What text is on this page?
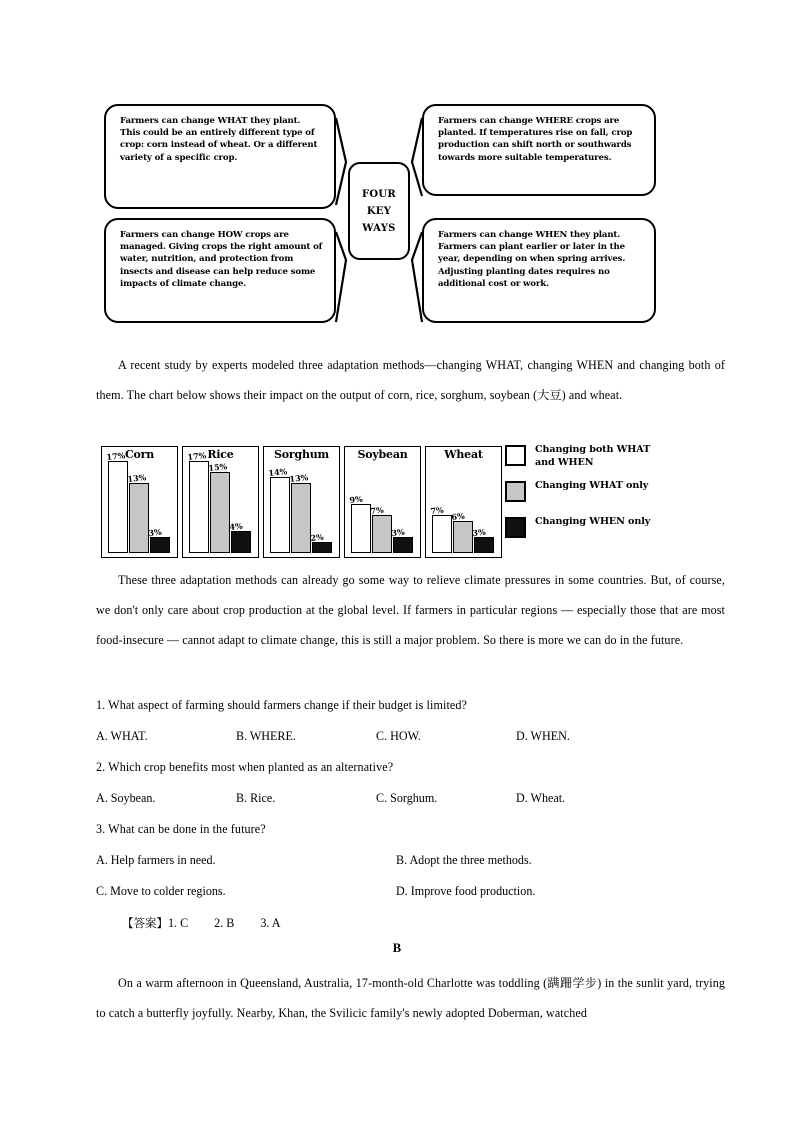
Farmers can change WHAT they plant. This could be an entirely different type of crop: corn instead of wheat. Or a different variety of a specific crop.
Farmers can change WHERE crops are planted. If temperatures rise on fall, crop production can shift north or southwards towards more suitable temperatures.
Farmers can change HOW crops are managed. Giving crops the right amount of water, nutrition, and protection from insects and disease can help reduce some impacts of climate change.
Farmers can change WHEN they plant. Farmers can plant earlier or later in the year, depending on when spring arrives. Adjusting planting dates requires no additional cost or work.
FOUR
KEY
WAYS
A recent study by experts modeled three adaptation methods—changing WHAT, changing WHEN and changing both of them. The chart below shows their impact on the output of corn, rice, sorghum, soybean (大豆) and wheat.
Corn
17%
13%
3%
Rice
17%
15%
4%
Sorghum
14% 13%
2%
Soybean
9%
7%
3%
Wheat
7% 6%
3%
Changing both WHAT
and WHEN
Changing WHAT only
Changing WHEN only
These three adaptation methods can already go some way to relieve climate pressures in some countries. But, of course, we don't only care about crop production at the global level. If farmers in particular regions — especially those that are most food-insecure — cannot adapt to climate change, this is still a major problem. So there is more we can do in the future.
1. What aspect of farming should farmers change if their budget is limited?
A. WHAT.	B. WHERE.	C. HOW.	D. WHEN.
2. Which crop benefits most when planted as an alternative?
A. Soybean.	B. Rice.	C. Sorghum.	D. Wheat.
3. What can be done in the future?
A. Help farmers in need.	B. Adopt the three methods.
C. Move to colder regions.	D. Improve food production.
【答案】1. C 2. B 3. A
B
On a warm afternoon in Queensland, Australia, 17-month-old Charlotte was toddling (蹒跚学步) in the sunlit yard, trying to catch a butterfly joyfully. Nearby, Khan, the Svilicic family's newly adopted Doberman, watched
